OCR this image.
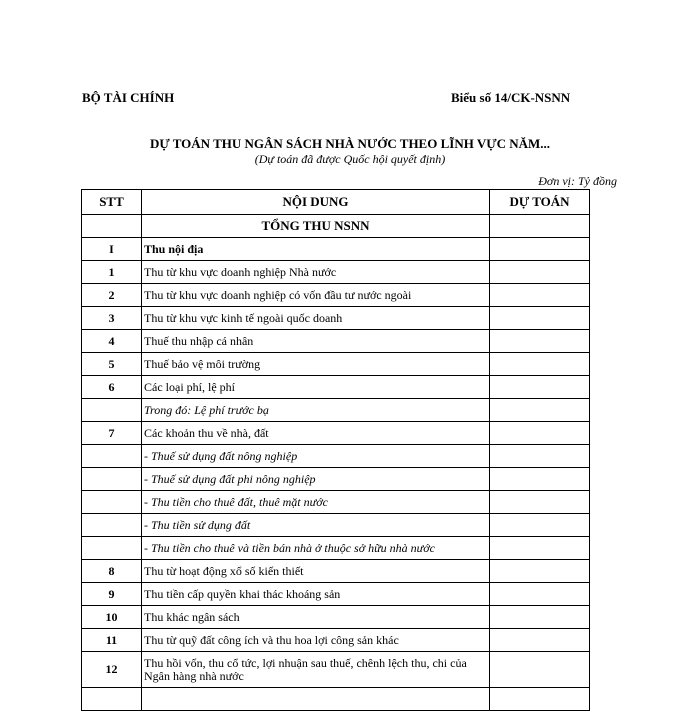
BỘ TÀI CHÍNH	Biểu số 14/CK-NSNN
DỰ TOÁN THU NGÂN SÁCH NHÀ NƯỚC THEO LĨNH VỰC NĂM...
(Dự toán đã được Quốc hội quyết định)
Đơn vị: Tỷ đồng
STT	NỘI DUNG	DỰ TOÁN
	TỔNG THU NSNN	
I	Thu nội địa	
1	Thu từ khu vực doanh nghiệp Nhà nước	
2	Thu từ khu vực doanh nghiệp có vốn đầu tư nước ngoài	
3	Thu từ khu vực kinh tế ngoài quốc doanh	
4	Thuế thu nhập cá nhân	
5	Thuế bảo vệ môi trường	
6	Các loại phí, lệ phí	
	Trong đó: Lệ phí trước bạ	
7	Các khoản thu về nhà, đất	
	- Thuế sử dụng đất nông nghiệp	
	- Thuế sử dụng đất phi nông nghiệp	
	- Thu tiền cho thuê đất, thuê mặt nước	
	- Thu tiền sử dụng đất	
	- Thu tiền cho thuê và tiền bán nhà ở thuộc sở hữu nhà nước	
8	Thu từ hoạt động xổ số kiến thiết	
9	Thu tiền cấp quyền khai thác khoáng sản	
10	Thu khác ngân sách	
11	Thu từ quỹ đất công ích và thu hoa lợi công sản khác	
12	Thu hồi vốn, thu cổ tức, lợi nhuận sau thuế, chênh lệch thu, chi của Ngân hàng nhà nước	
